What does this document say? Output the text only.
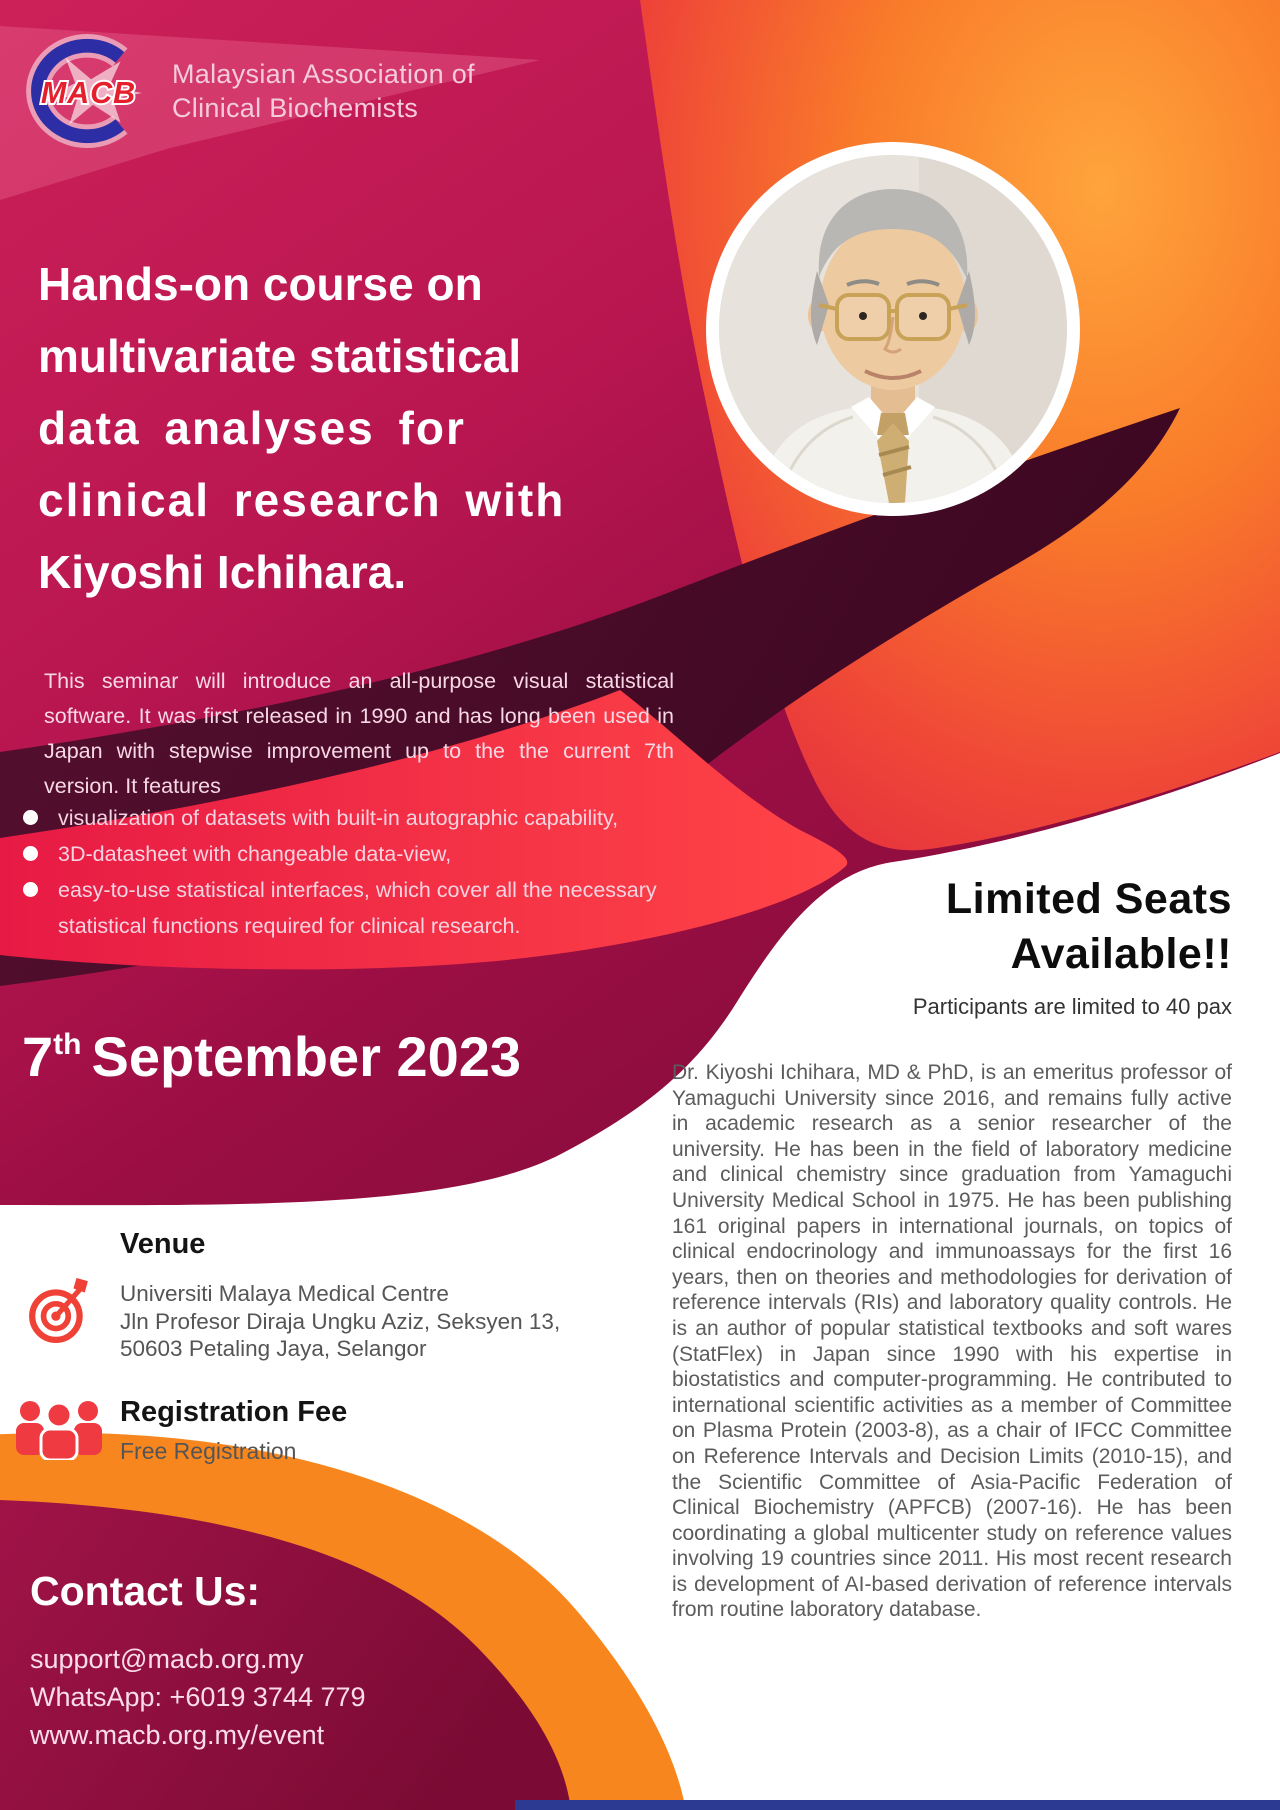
MACB
Malaysian Association of
Clinical Biochemists
Hands-on course on
multivariate statistical
data analyses for
clinical research with
Kiyoshi Ichihara.
This seminar will introduce an all-purpose visual statistical software. It was first released in 1990 and has long been used in Japan with stepwise improvement up to the the current 7th version. It features
visualization of datasets with built-in autographic capability,
3D-datasheet with changeable data-view,
easy-to-use statistical interfaces, which cover all the necessary statistical functions required for clinical research.
7th September 2023
Limited Seats
Available!!
Participants are limited to 40 pax
Dr. Kiyoshi Ichihara, MD & PhD, is an emeritus professor of Yamaguchi University since 2016, and remains fully active in academic research as a senior researcher of the university. He has been in the field of laboratory medicine and clinical chemistry since graduation from Yamaguchi University Medical School in 1975. He has been publishing 161 original papers in international journals, on topics of clinical endocrinology and immunoassays for the first 16 years, then on theories and methodologies for derivation of reference intervals (RIs) and laboratory quality controls. He is an author of popular statistical textbooks and soft wares (StatFlex) in Japan since 1990 with his expertise in biostatistics and computer-programming. He contributed to international scientific activities as a member of Committee on Plasma Protein (2003-8), as a chair of IFCC Committee on Reference Intervals and Decision Limits (2010-15), and the Scientific Committee of Asia-Pacific Federation of Clinical Biochemistry (APFCB) (2007-16). He has been coordinating a global multicenter study on reference values involving 19 countries since 2011. His most recent research is development of AI-based derivation of reference intervals from routine laboratory database.
Venue
Universiti Malaya Medical Centre
Jln Profesor Diraja Ungku Aziz, Seksyen 13,
50603 Petaling Jaya, Selangor
Registration Fee
Free Registration
Contact Us:
support@macb.org.my
WhatsApp: +6019 3744 779
www.macb.org.my/event
